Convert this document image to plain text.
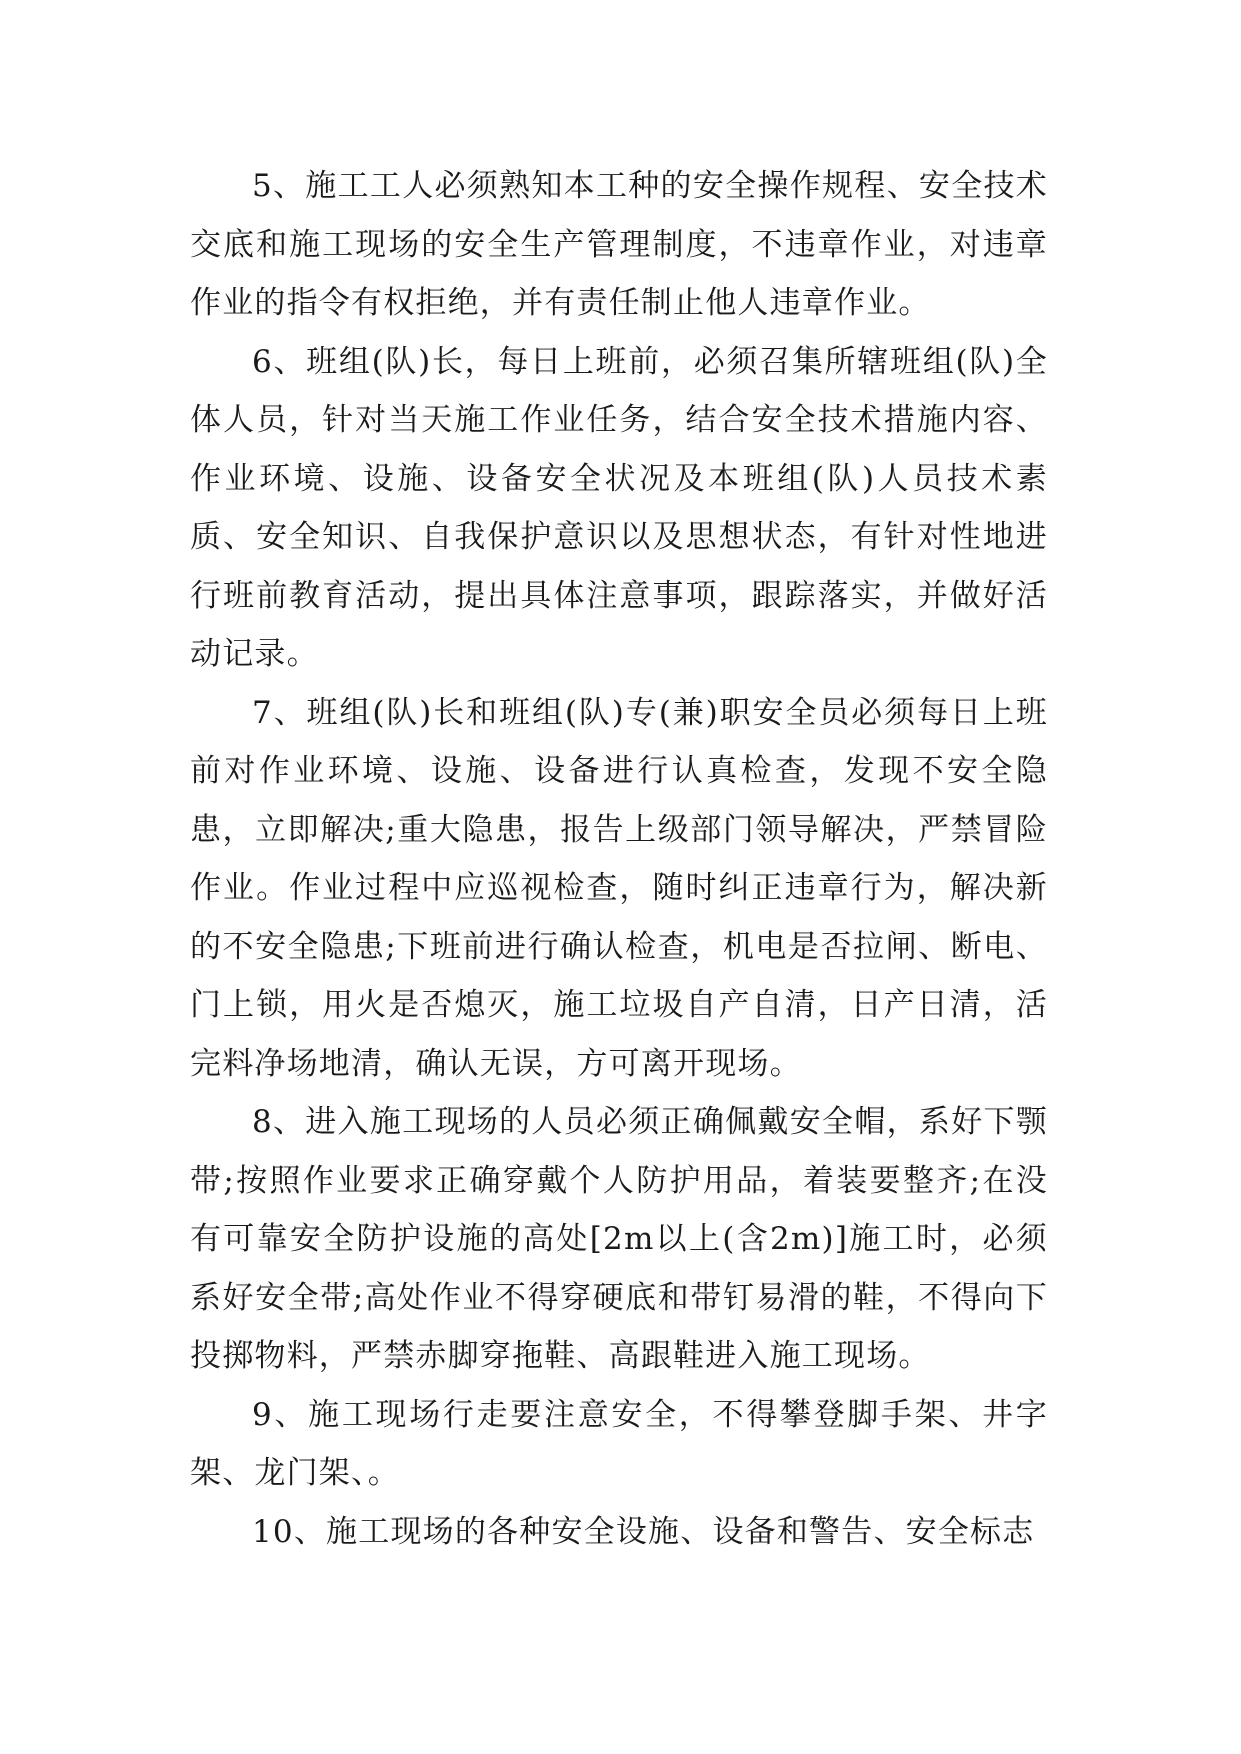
5、施工工人必须熟知本工种的安全操作规程、安全技术交底和施工现场的安全生产管理制度，不违章作业，对违章作业的指令有权拒绝，并有责任制止他人违章作业。

6、班组(队)长，每日上班前，必须召集所辖班组(队)全体人员，针对当天施工作业任务，结合安全技术措施内容、作业环境、设施、设备安全状况及本班组(队)人员技术素质、安全知识、自我保护意识以及思想状态，有针对性地进行班前教育活动，提出具体注意事项，跟踪落实，并做好活动记录。

7、班组(队)长和班组(队)专(兼)职安全员必须每日上班前对作业环境、设施、设备进行认真检查，发现不安全隐患，立即解决;重大隐患，报告上级部门领导解决，严禁冒险作业。作业过程中应巡视检查，随时纠正违章行为，解决新的不安全隐患;下班前进行确认检查，机电是否拉闸、断电、门上锁，用火是否熄灭，施工垃圾自产自清，日产日清，活完料净场地清，确认无误，方可离开现场。

8、进入施工现场的人员必须正确佩戴安全帽，系好下颚带;按照作业要求正确穿戴个人防护用品，着装要整齐;在没有可靠安全防护设施的高处[2m以上(含2m)]施工时，必须系好安全带;高处作业不得穿硬底和带钉易滑的鞋，不得向下投掷物料，严禁赤脚穿拖鞋、高跟鞋进入施工现场。

9、施工现场行走要注意安全，不得攀登脚手架、井字架、龙门架、。

10、施工现场的各种安全设施、设备和警告、安全标志
